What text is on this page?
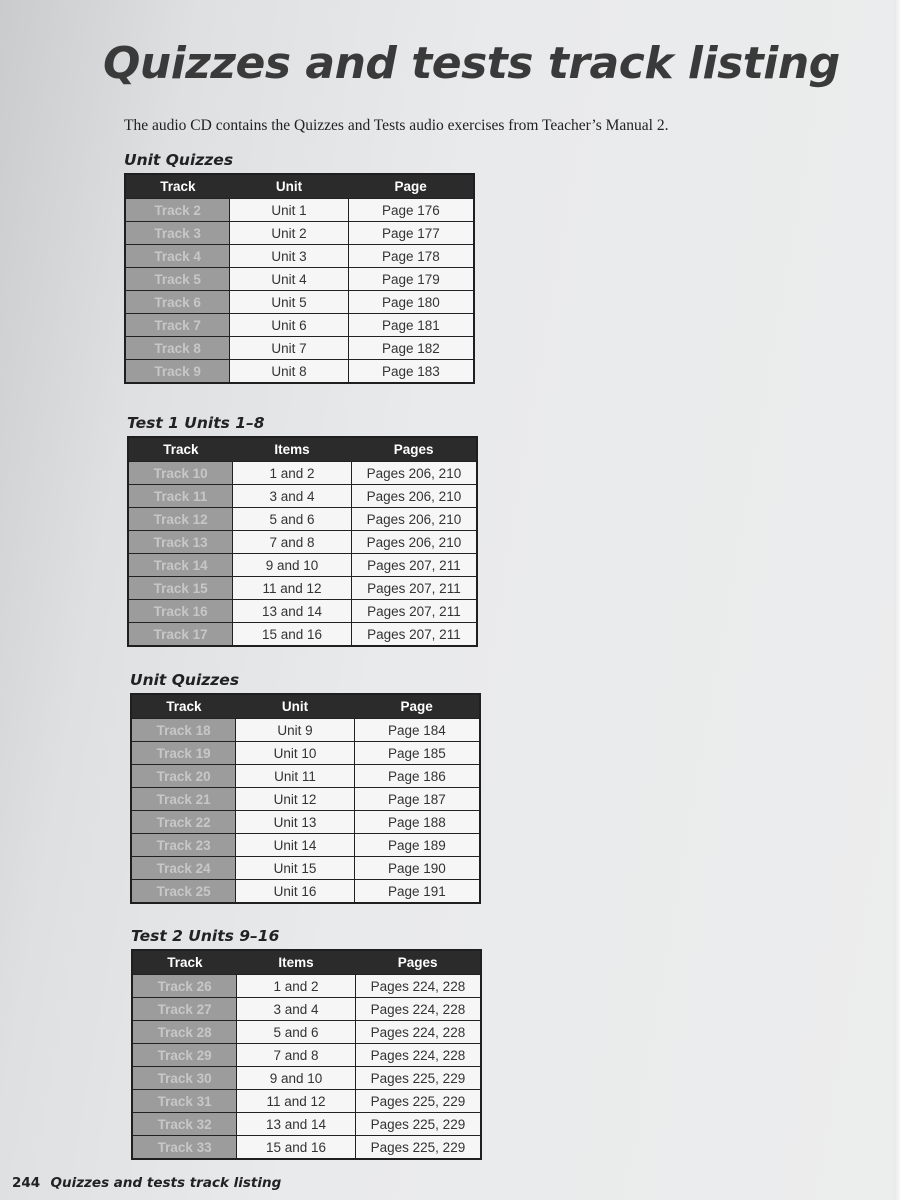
Quizzes and tests track listing

The audio CD contains the Quizzes and Tests audio exercises from Teacher’s Manual 2.

Unit Quizzes
Track	Unit	Page
Track 2	Unit 1	Page 176
Track 3	Unit 2	Page 177
Track 4	Unit 3	Page 178
Track 5	Unit 4	Page 179
Track 6	Unit 5	Page 180
Track 7	Unit 6	Page 181
Track 8	Unit 7	Page 182
Track 9	Unit 8	Page 183
Test 1 Units 1–8
Track	Items	Pages
Track 10	1 and 2	Pages 206, 210
Track 11	3 and 4	Pages 206, 210
Track 12	5 and 6	Pages 206, 210
Track 13	7 and 8	Pages 206, 210
Track 14	9 and 10	Pages 207, 211
Track 15	11 and 12	Pages 207, 211
Track 16	13 and 14	Pages 207, 211
Track 17	15 and 16	Pages 207, 211
Unit Quizzes
Track	Unit	Page
Track 18	Unit 9	Page 184
Track 19	Unit 10	Page 185
Track 20	Unit 11	Page 186
Track 21	Unit 12	Page 187
Track 22	Unit 13	Page 188
Track 23	Unit 14	Page 189
Track 24	Unit 15	Page 190
Track 25	Unit 16	Page 191
Test 2 Units 9–16
Track	Items	Pages
Track 26	1 and 2	Pages 224, 228
Track 27	3 and 4	Pages 224, 228
Track 28	5 and 6	Pages 224, 228
Track 29	7 and 8	Pages 224, 228
Track 30	9 and 10	Pages 225, 229
Track 31	11 and 12	Pages 225, 229
Track 32	13 and 14	Pages 225, 229
Track 33	15 and 16	Pages 225, 229

244 Quizzes and tests track listing
